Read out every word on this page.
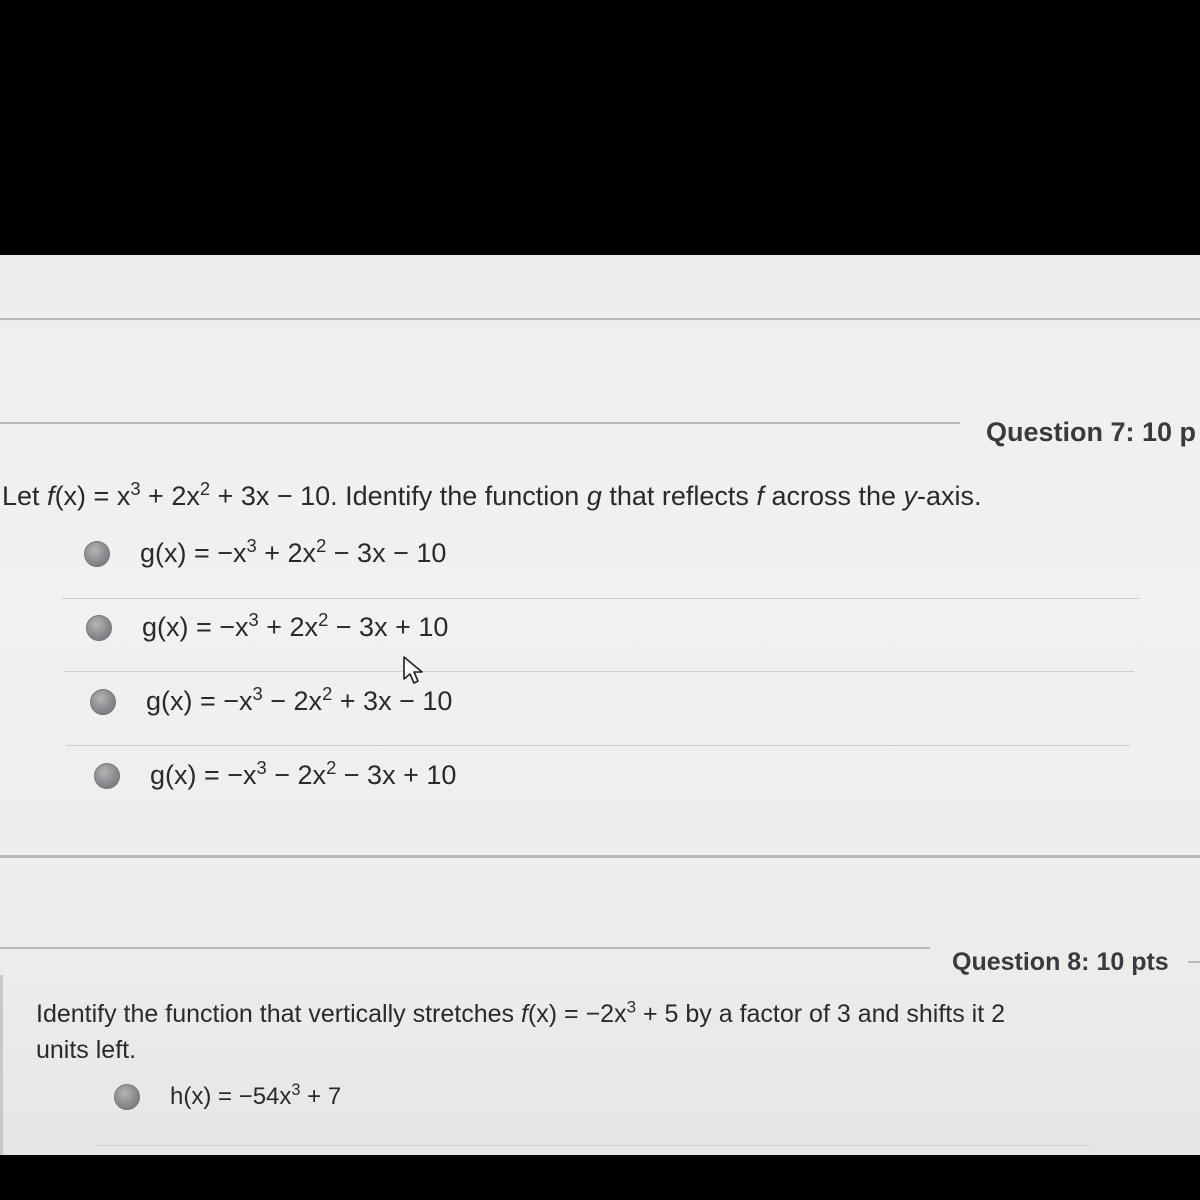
Question 7: 10 p
Let $f(x) = x^3 + 2x^2 + 3x - 10$. Identify the function g that reflects f across the y-axis.
$g(x) = -x^3 + 2x^2 - 3x - 10$
$g(x) = -x^3 + 2x^2 - 3x + 10$
$g(x) = -x^3 - 2x^2 + 3x - 10$
$g(x) = -x^3 - 2x^2 - 3x + 10$
Question 8: 10 pts
Identify the function that vertically stretches $f(x) = -2x^3 + 5$ by a factor of 3 and shifts it 2
units left.
$h(x) = -54x^3 + 7$
